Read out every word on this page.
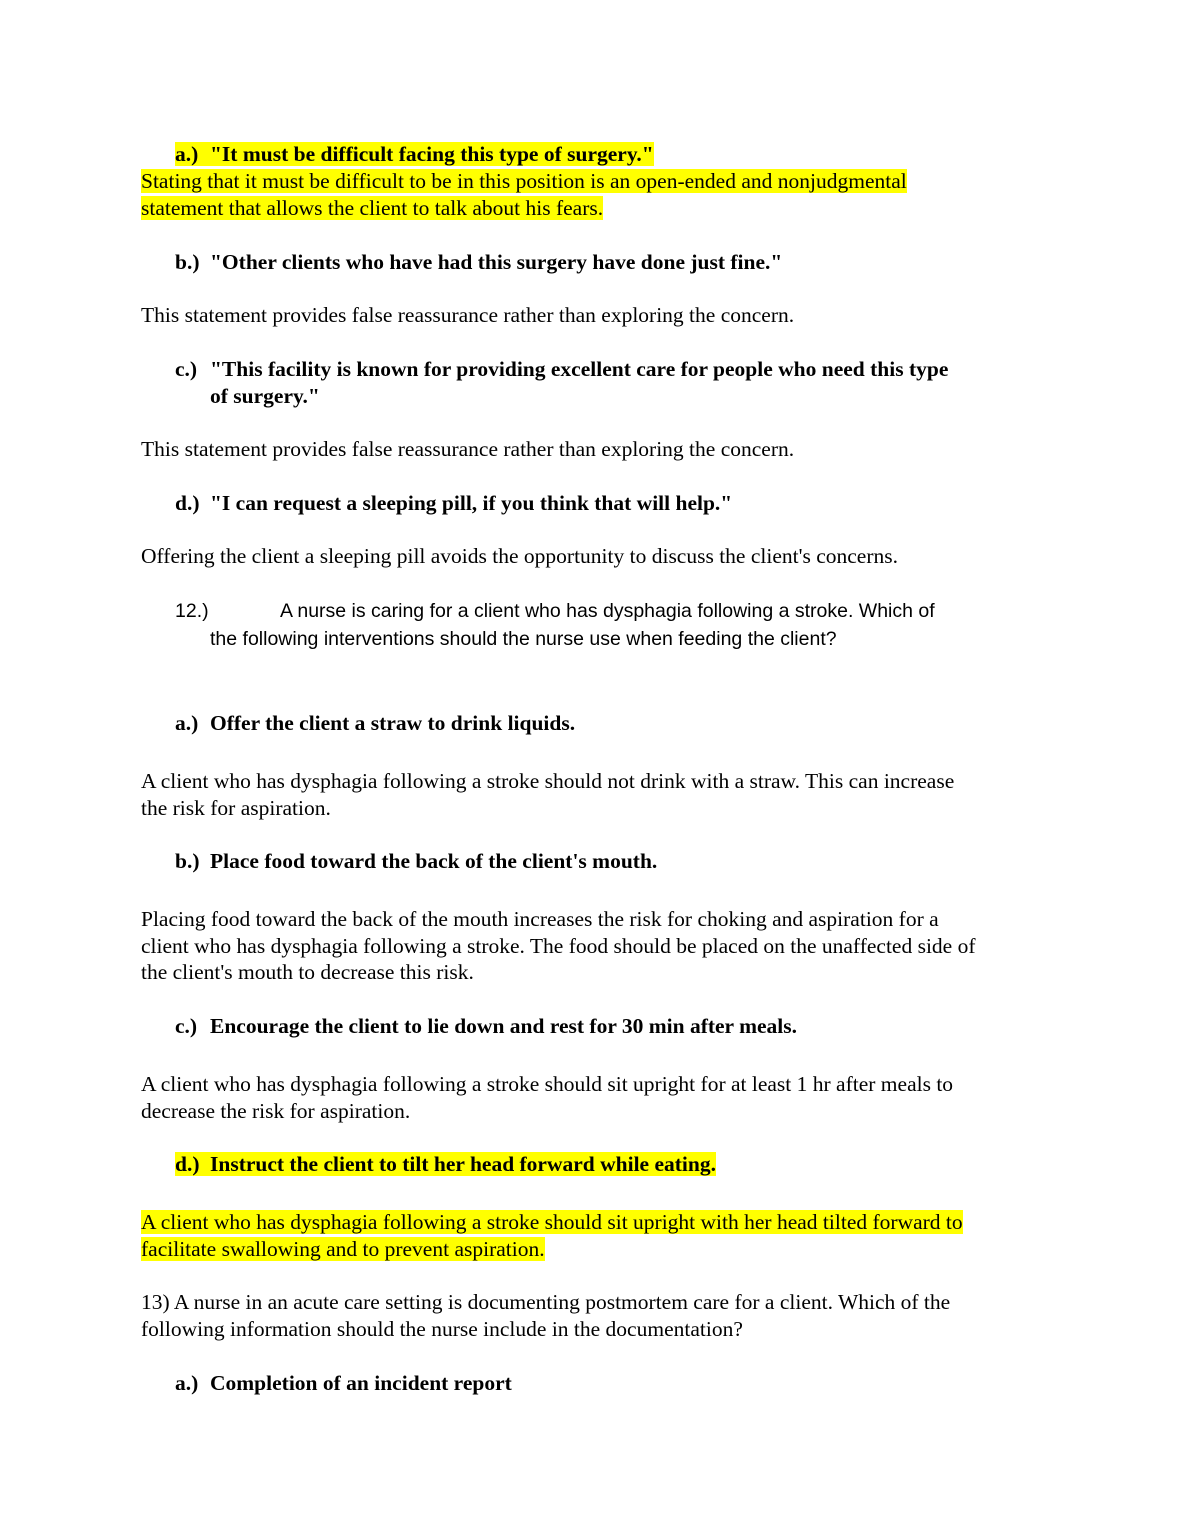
a.) "It must be difficult facing this type of surgery."
Stating that it must be difficult to be in this position is an open-ended and nonjudgmental
statement that allows the client to talk about his fears.
b.) "Other clients who have had this surgery have done just fine."
This statement provides false reassurance rather than exploring the concern.
c.) "This facility is known for providing excellent care for people who need this type
of surgery."
This statement provides false reassurance rather than exploring the concern.
d.) "I can request a sleeping pill, if you think that will help."
Offering the client a sleeping pill avoids the opportunity to discuss the client's concerns.
12.)	A nurse is caring for a client who has dysphagia following a stroke. Which of
the following interventions should the nurse use when feeding the client?
a.) Offer the client a straw to drink liquids.
A client who has dysphagia following a stroke should not drink with a straw. This can increase
the risk for aspiration.
b.) Place food toward the back of the client's mouth.
Placing food toward the back of the mouth increases the risk for choking and aspiration for a
client who has dysphagia following a stroke. The food should be placed on the unaffected side of
the client's mouth to decrease this risk.
c.) Encourage the client to lie down and rest for 30 min after meals.
A client who has dysphagia following a stroke should sit upright for at least 1 hr after meals to
decrease the risk for aspiration.
d.) Instruct the client to tilt her head forward while eating.
A client who has dysphagia following a stroke should sit upright with her head tilted forward to
facilitate swallowing and to prevent aspiration.
13) A nurse in an acute care setting is documenting postmortem care for a client. Which of the
following information should the nurse include in the documentation?
a.) Completion of an incident report
